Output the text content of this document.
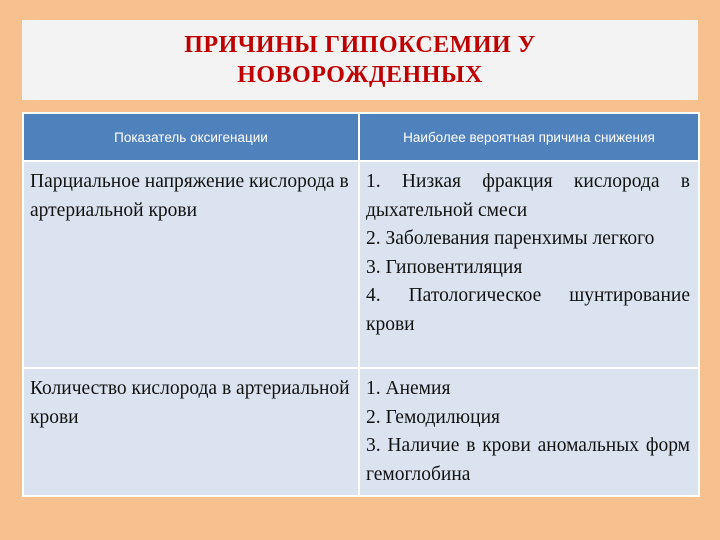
ПРИЧИНЫ ГИПОКСЕМИИ У
НОВОРОЖДЕННЫХ
Показатель оксигенации	Наиболее вероятная причина снижения
Парциальное напряжение кислорода в артериальной крови	1. Низкая фракция кислорода в дыхательной смеси
2. Заболевания паренхимы легкого
3. Гиповентиляция
4. Патологическое шунтирование крови

Количество кислорода в артериальной крови	1. Анемия
2. Гемодилюция
3. Наличие в крови аномальных форм гемоглобина
